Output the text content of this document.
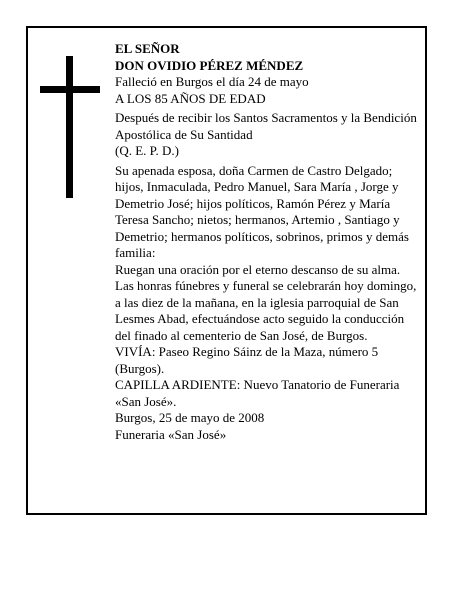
EL SEÑOR

DON OVIDIO PÉREZ MÉNDEZ

Falleció en Burgos el día 24 de mayo

A LOS 85 AÑOS DE EDAD

Después de recibir los Santos Sacramentos y la Bendición Apostólica de Su Santidad

(Q. E. P. D.)

Su apenada esposa, doña Carmen de Castro Delgado; hijos, Inmaculada, Pedro Manuel, Sara María , Jorge y Demetrio José; hijos políticos, Ramón Pérez y María Teresa Sancho; nietos; hermanos, Artemio , Santiago y Demetrio; hermanos políticos, sobrinos, primos y demás familia:

Ruegan una oración por el eterno descanso de su alma.

Las honras fúnebres y funeral se celebrarán hoy domingo, a las diez de la mañana, en la iglesia parroquial de San Lesmes Abad, efectuándose acto seguido la conducción del finado al cementerio de San José, de Burgos.

VIVÍA: Paseo Regino Sáinz de la Maza, número 5 (Burgos).

CAPILLA ARDIENTE: Nuevo Tanatorio de Funeraria «San José».

Burgos, 25 de mayo de 2008

Funeraria «San José»
